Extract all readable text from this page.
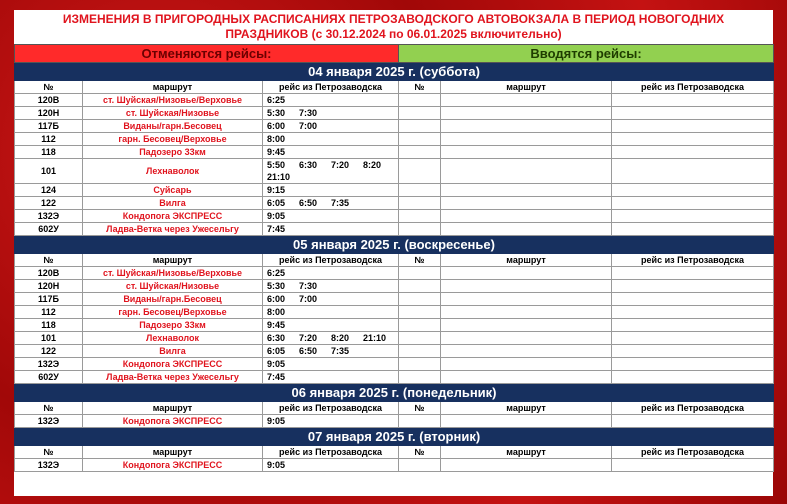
ИЗМЕНЕНИЯ В ПРИГОРОДНЫХ РАСПИСАНИЯХ ПЕТРОЗАВОДСКОГО АВТОВОКЗАЛА В ПЕРИОД НОВОГОДНИХ
ПРАЗДНИКОВ (с 30.12.2024 по 06.01.2025 включительно)
Отменяются рейсы:			Вводятся рейсы:		
04 января 2025 г. (суббота)					
№	маршрут	рейс из Петрозаводска	№	маршрут	рейс из Петрозаводска
120В	ст. Шуйская/Низовье/Верховье	6:25			
120Н	ст. Шуйская/Низовье	5:30 7:30			
117Б	Виданы/гарн.Бесовец	6:00 7:00			
112	гарн. Бесовец/Верховье	8:00			
118	Падозеро 33км	9:45			
101	Лехнаволок	5:50 6:30 7:20 8:20
21:10			
124	Суйсарь	9:15			
122	Вилга	6:05 6:50 7:35			
132Э	Кондопога ЭКСПРЕСС	9:05			
602У	Ладва-Ветка через Ужесельгу	7:45			
05 января 2025 г. (воскресенье)					
№	маршрут	рейс из Петрозаводска	№	маршрут	рейс из Петрозаводска
120В	ст. Шуйская/Низовье/Верховье	6:25			
120Н	ст. Шуйская/Низовье	5:30 7:30			
117Б	Виданы/гарн.Бесовец	6:00 7:00			
112	гарн. Бесовец/Верховье	8:00			
118	Падозеро 33км	9:45			
101	Лехнаволок	6:30 7:20 8:20 21:10			
122	Вилга	6:05 6:50 7:35			
132Э	Кондопога ЭКСПРЕСС	9:05			
602У	Ладва-Ветка через Ужесельгу	7:45			
06 января 2025 г. (понедельник)					
№	маршрут	рейс из Петрозаводска	№	маршрут	рейс из Петрозаводска
132Э	Кондопога ЭКСПРЕСС	9:05			
07 января 2025 г. (вторник)					
№	маршрут	рейс из Петрозаводска	№	маршрут	рейс из Петрозаводска
132Э	Кондопога ЭКСПРЕСС	9:05			
